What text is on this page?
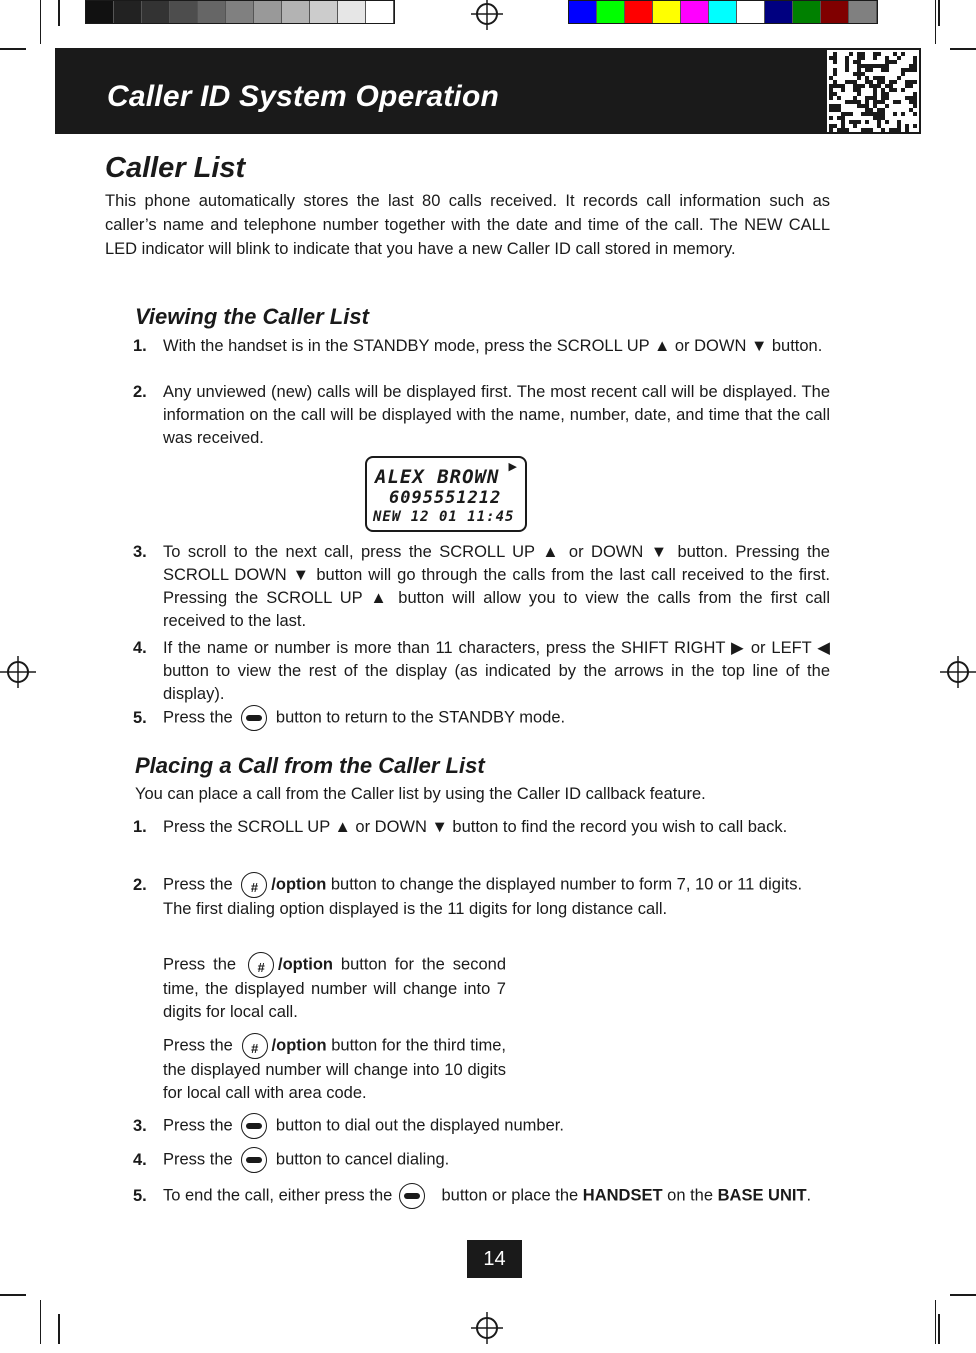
Caller ID System Operation
Caller List
This phone automatically stores the last 80 calls received. It records call information such as caller’s name and telephone number together with the date and time of the call. The NEW CALL LED indicator will blink to indicate that you have a new Caller ID call stored in memory.
Viewing the Caller List
1. With the handset is in the STANDBY mode, press the SCROLL UP ▲ or DOWN ▼ button.
2. Any unviewed (new) calls will be displayed first. The most recent call will be displayed. The information on the call will be displayed with the name, number, date, and time that the call was received.
▶
ALEX BROWN
6095551212
NEW 12 01 11:45
3. To scroll to the next call, press the SCROLL UP ▲ or DOWN ▼ button. Pressing the SCROLL DOWN ▼ button will go through the calls from the last call received to the first. Pressing the SCROLL UP ▲ button will allow you to view the calls from the first call received to the last.
4. If the name or number is more than 11 characters, press the SHIFT RIGHT ▶ or LEFT ◀ button to view the rest of the display (as indicated by the arrows in the top line of the display).
5. Press the	button to return to the STANDBY mode.
Placing a Call from the Caller List
You can place a call from the Caller list by using the Caller ID callback feature.
1. Press the SCROLL UP ▲ or DOWN ▼ button to find the record you wish to call back.
2. Press the	# /option button to change the displayed number to form 7, 10 or 11 digits. The first dialing option displayed is the 11 digits for long distance call.
Press the	# /option button for the second time, the displayed number will change into 7 digits for local call.
Press the	# /option button for the third time, the displayed number will change into 10 digits for local call with area code.
3. Press the	button to dial out the displayed number.
4. Press the	button to cancel dialing.
5. To end the call, either press the	button or place the HANDSET on the BASE UNIT.
14
